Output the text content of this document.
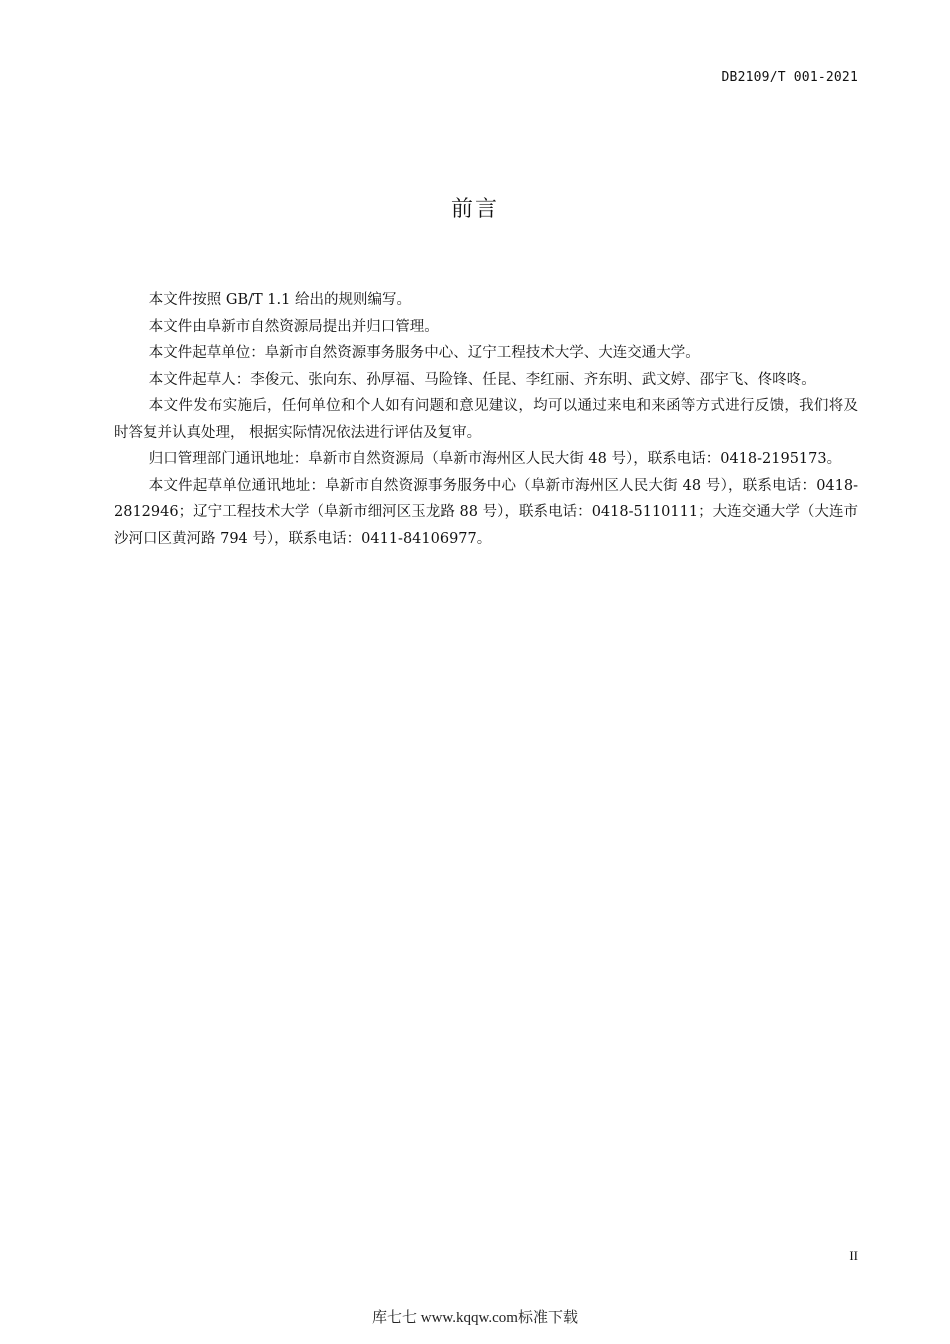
DB2109/T 001-2021
前言

本文件按照 GB/T 1.1 给出的规则编写。

本文件由阜新市自然资源局提出并归口管理。

本文件起草单位：阜新市自然资源事务服务中心、辽宁工程技术大学、大连交通大学。

本文件起草人：李俊元、张向东、孙厚福、马险锋、任昆、李红丽、齐东明、武文婷、邵宇飞、佟咚咚。

本文件发布实施后，任何单位和个人如有问题和意见建议，均可以通过来电和来函等方式进行反馈，我们将及时答复并认真处理， 根据实际情况依法进行评估及复审。

归口管理部门通讯地址：阜新市自然资源局（阜新市海州区人民大街 48 号），联系电话：0418-2195173。

本文件起草单位通讯地址：阜新市自然资源事务服务中心（阜新市海州区人民大街 48 号），联系电话：0418-2812946；辽宁工程技术大学（阜新市细河区玉龙路 88 号），联系电话：0418-5110111；大连交通大学（大连市沙河口区黄河路 794 号），联系电话：0411-84106977。

II
库七七 www.kqqw.com标准下载
